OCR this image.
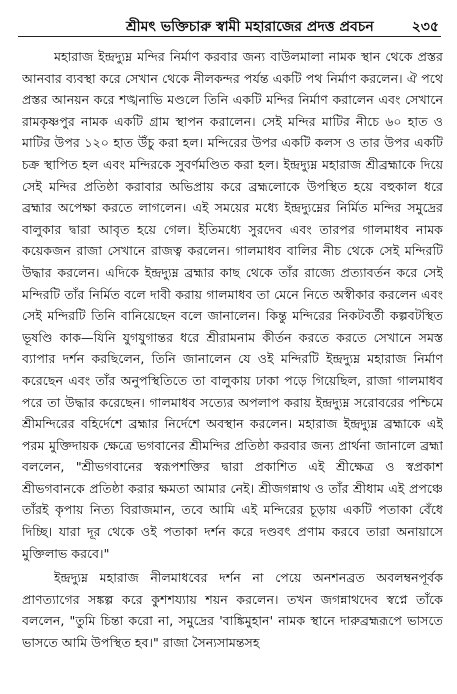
শ্রীমৎ ভক্তিচারু স্বামী মহারাজের প্রদত্ত প্রবচন	২৩৫

মহারাজ ইন্দ্রদ্যুম্ন মন্দির নির্মাণ করবার জন্য বাউলমালা নামক স্থান থেকে প্রস্তর আনবার ব্যবস্থা করে সেখান থেকে নীলকন্দর পর্যন্ত একটি পথ নির্মাণ করলেন। ঐ পথে প্রস্তর আনয়ন করে শঙ্খনাভি মণ্ডলে তিনি একটি মন্দির নির্মাণ করালেন এবং সেখানে রামকৃষ্ণপুর নামক একটি গ্রাম স্থাপন করালেন। সেই মন্দির মাটির নীচে ৬০ হাত ও মাটির উপর ১২০ হাত উঁচু করা হল। মন্দিরের উপর একটি কলস ও তার উপর একটি চক্র স্থাপিত হল এবং মন্দিরকে সুবর্ণমণ্ডিত করা হল। ইন্দ্রদ্যুম্ন মহারাজ শ্রীব্রহ্মাকে দিয়ে সেই মন্দির প্রতিষ্ঠা করাবার অভিপ্রায় করে ব্রহ্মলোকে উপস্থিত হয়ে বহুকাল ধরে ব্রহ্মার অপেক্ষা করতে লাগলেন। এই সময়ের মধ্যে ইন্দ্রদ্যুম্নের নির্মিত মন্দির সমুদ্রের বালুকার দ্বারা আবৃত হয়ে গেল। ইতিমধ্যে সুরদেব এবং তারপর গালমাধব নামক কয়েকজন রাজা সেখানে রাজত্ব করলেন। গালমাধব বালির নীচ থেকে সেই মন্দিরটি উদ্ধার করলেন। এদিকে ইন্দ্রদ্যুম্ন ব্রহ্মার কাছ থেকে তাঁর রাজ্যে প্রত্যাবর্তন করে সেই মন্দিরটি তাঁর নির্মিত বলে দাবী করায় গালমাধব তা মেনে নিতে অস্বীকার করলেন এবং সেই মন্দিরটি তিনি বানিয়েছেন বলে জানালেন। কিন্তু মন্দিরের নিকটবর্তী কল্পবটস্থিত ভূষণ্ডি কাক—যিনি যুগযুগান্তর ধরে শ্রীরামনাম কীর্তন করতে করতে সেখানে সমস্ত ব্যাপার দর্শন করছিলেন, তিনি জানালেন যে ওই মন্দিরটি ইন্দ্রদ্যুম্ন মহারাজ নির্মাণ করেছেন এবং তাঁর অনুপস্থিতিতে তা বালুকায় ঢাকা পড়ে গিয়েছিল, রাজা গালমাধব পরে তা উদ্ধার করেছেন। গালমাধব সত্যের অপলাপ করায় ইন্দ্রদ্যুম্ন সরোবরের পশ্চিমে শ্রীমন্দিরের বহির্দেশে ব্রহ্মার নির্দেশে অবস্থান করলেন। মহারাজ ইন্দ্রদ্যুম্ন ব্রহ্মাকে এই পরম মুক্তিদায়ক ক্ষেত্রে ভগবানের শ্রীমন্দির প্রতিষ্ঠা করবার জন্য প্রার্থনা জানালে ব্রহ্মা বললেন, "শ্রীভগবানের স্বরূপশক্তির দ্বারা প্রকাশিত এই শ্রীক্ষেত্র ও স্বপ্রকাশ শ্রীভগবানকে প্রতিষ্ঠা করার ক্ষমতা আমার নেই। শ্রীজগন্নাথ ও তাঁর শ্রীধাম এই প্রপঞ্চে তাঁরই কৃপায় নিত্য বিরাজমান, তবে আমি এই মন্দিরের চূড়ায় একটি পতাকা বেঁধে দিচ্ছি। যারা দূর থেকে ওই পতাকা দর্শন করে দণ্ডবৎ প্রণাম করবে তারা অনায়াসে মুক্তিলাভ করবে।"

ইন্দ্রদ্যুম্ন মহারাজ নীলমাধবের দর্শন না পেয়ে অনশনব্রত অবলম্বনপূর্বক প্রাণত্যাগের সঙ্কল্প করে কুশশয্যায় শয়ন করলেন। তখন জগন্নাথদেব স্বপ্নে তাঁকে বললেন, "তুমি চিন্তা করো না, সমুদ্রের 'বাঙ্কিমুহান' নামক স্থানে দারুব্রহ্মরূপে ভাসতে ভাসতে আমি উপস্থিত হব।" রাজা সৈন্যসামন্তসহ
